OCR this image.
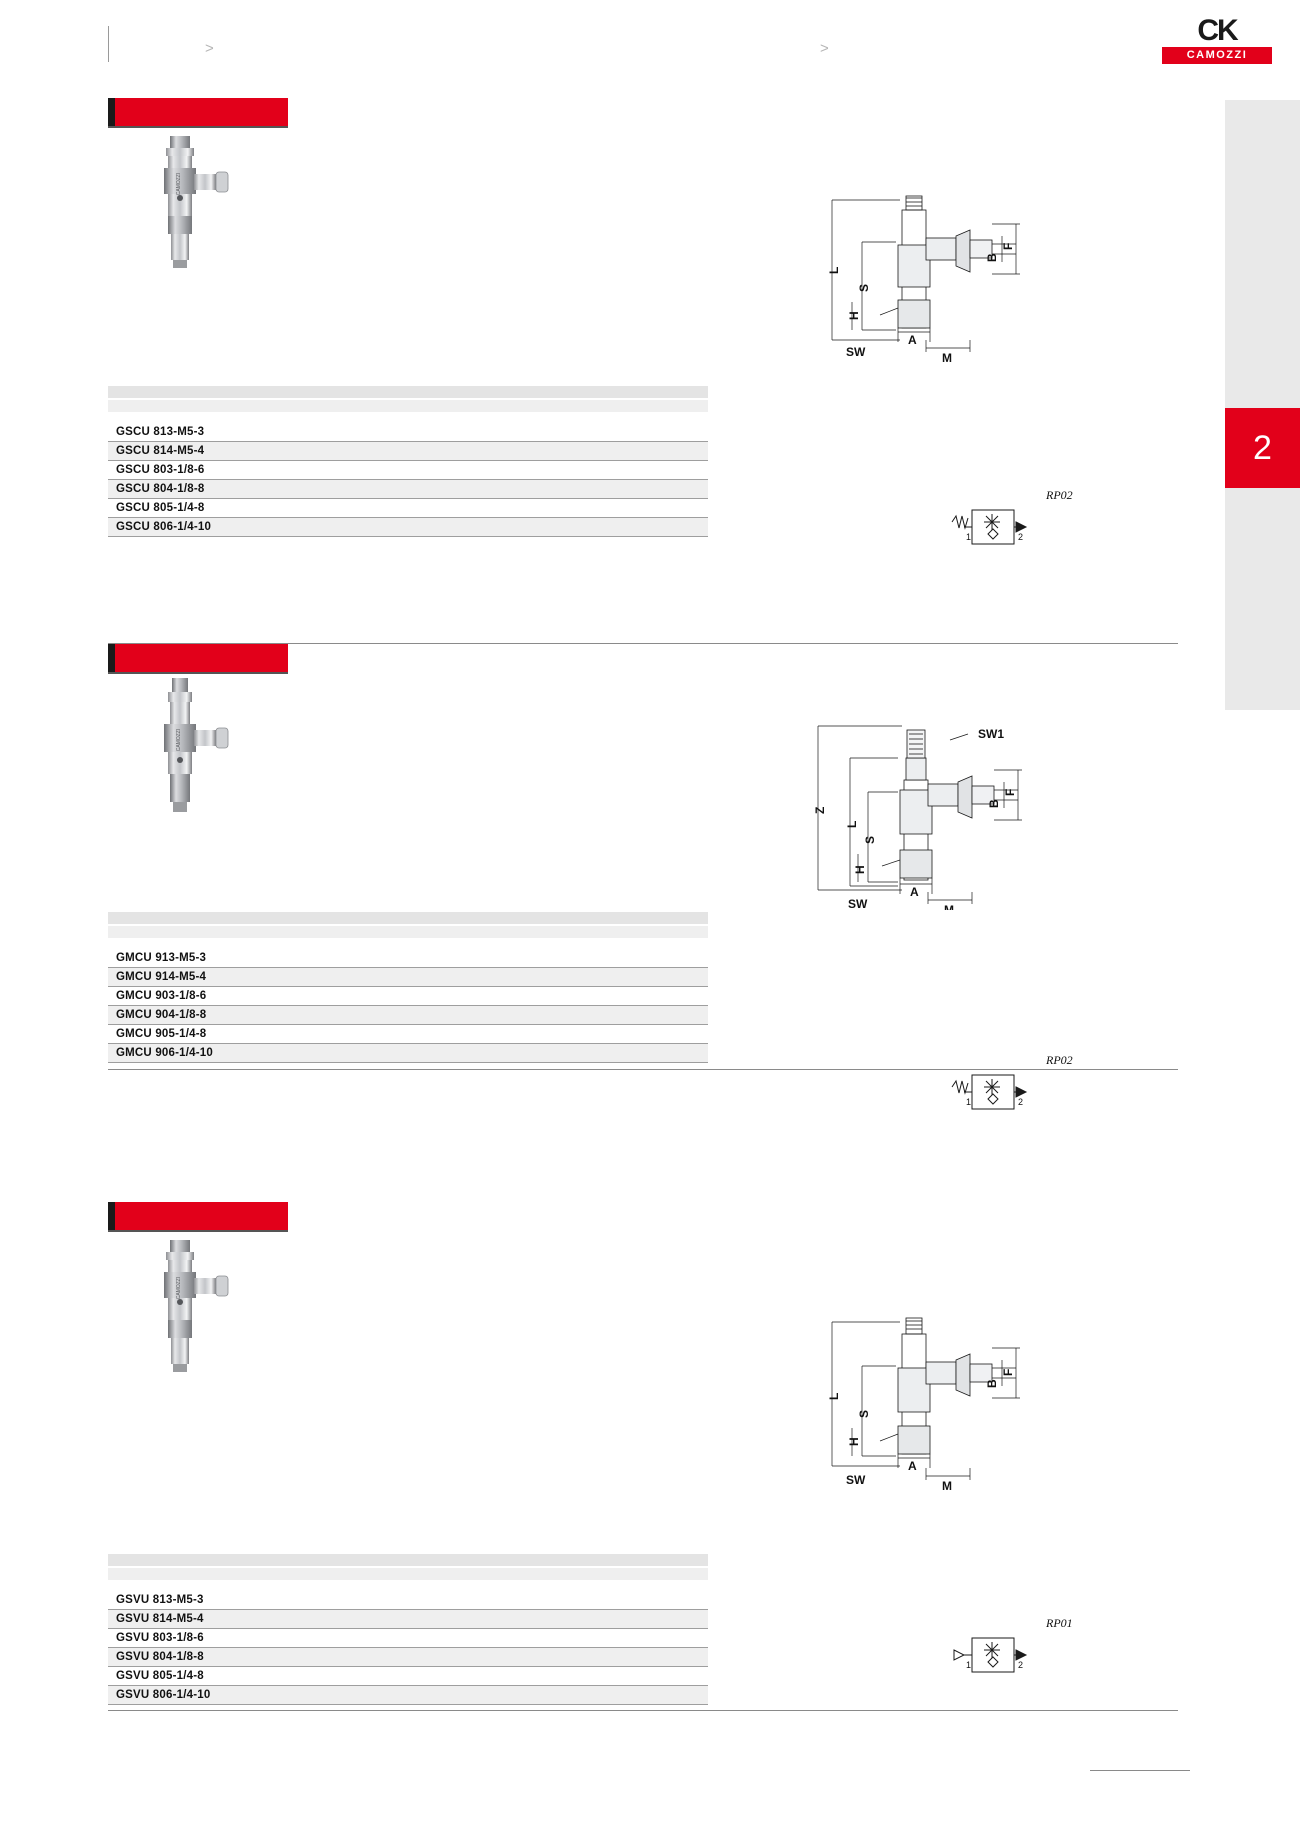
2
CK
CAMOZZI
>	>
CAMOZZI
GSCU 813-M5-3
GSCU 814-M5-4
GSCU 803-1/8-6
GSCU 804-1/8-8
GSCU 805-1/4-8
GSCU 806-1/4-10
L
S
H
A
M
B
F
SW
1	2
RP02
CAMOZZI
GMCU 913-M5-3
GMCU 914-M5-4
GMCU 903-1/8-6
GMCU 904-1/8-8
GMCU 905-1/4-8
GMCU 906-1/4-10
Z
L
S
H
A
M
B
F
SW
SW1
1	2
RP02
CAMOZZI
GSVU 813-M5-3
GSVU 814-M5-4
GSVU 803-1/8-6
GSVU 804-1/8-8
GSVU 805-1/4-8
GSVU 806-1/4-10
L
S
H
A
M
B
F
SW
1	2
RP01
